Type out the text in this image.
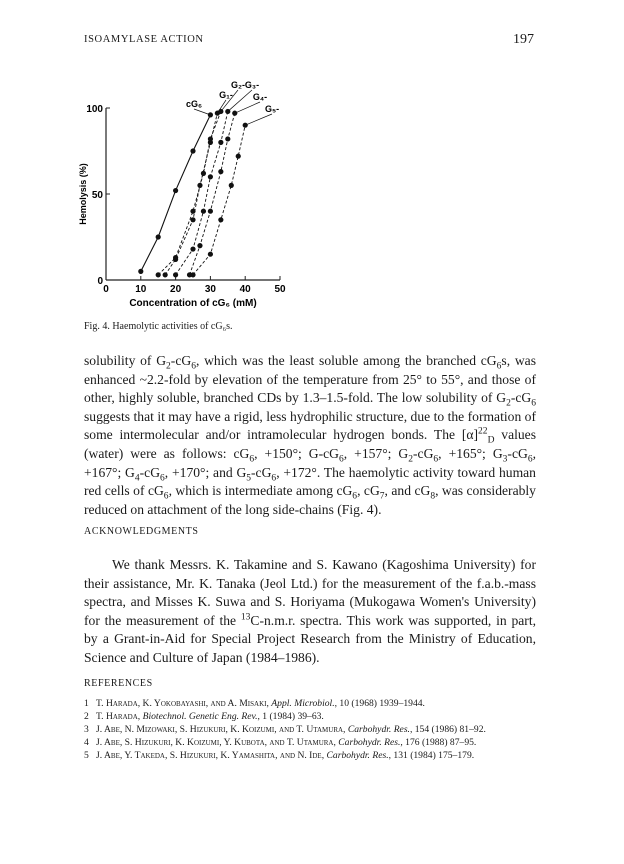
ISOAMYLASE ACTION	197
0	10 20 30 40 50
0
50
100
Concentration of cG₆ (mM)
Hemolysis (%)
cG₆
G₁-
G₂- G₃-
G₄-
G₅-
Fig. 4. Haemolytic activities of cG₆s.

solubility of $G_2-cG_6$, which was the least soluble among the branched $cG_6s$, was enhanced ~2.2-fold by elevation of the temperature from 25° to 55°, and those of other, highly soluble, branched CDs by 1.3–1.5-fold. The low solubility of $G_2-cG_6$ suggests that it may have a rigid, less hydrophilic structure, due to the formation of some intermolecular and/or intramolecular hydrogen bonds. The $[\alpha]^{22}_D$ values (water) were as follows: $cG_6$, +150°; $G-cG_6$, +157°; $G_2-cG_6$, +165°; $G_3-cG_6$, +167°; $G_4-cG_6$, +170°; and $G_5-cG_6$, +172°. The haemolytic activity toward human red cells of $cG_6$, which is intermediate among $cG_6$, $cG_7$, and $cG_8$, was considerably reduced on attachment of the long side-chains (Fig. 4).

ACKNOWLEDGMENTS

We thank Messrs. K. Takamine and S. Kawano (Kagoshima University) for their assistance, Mr. K. Tanaka (Jeol Ltd.) for the measurement of the f.a.b.-mass spectra, and Misses K. Suwa and S. Horiyama (Mukogawa Women's University) for the measurement of the $^{13}$C-n.m.r. spectra. This work was supported, in part, by a Grant-in-Aid for Special Project Research from the Ministry of Education, Science and Culture of Japan (1984–1986).

REFERENCES
1 T. Harada, K. Yokobayashi, and A. Misaki, Appl. Microbiol., 10 (1968) 1939–1944.
2 T. Harada, Biotechnol. Genetic Eng. Rev., 1 (1984) 39–63.
3 J. Abe, N. Mizowaki, S. Hizukuri, K. Koizumi, and T. Utamura, Carbohydr. Res., 154 (1986) 81–92.
4 J. Abe, S. Hizukuri, K. Koizumi, Y. Kubota, and T. Utamura, Carbohydr. Res., 176 (1988) 87–95.
5 J. Abe, Y. Takeda, S. Hizukuri, K. Yamashita, and N. Ide, Carbohydr. Res., 131 (1984) 175–179.
